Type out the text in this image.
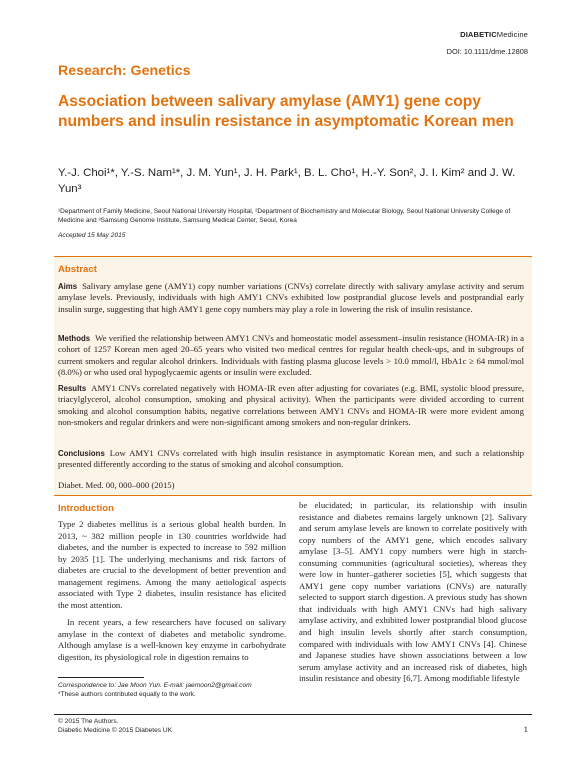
DIABETICMedicine
DOI: 10.1111/dme.12808
Research: Genetics
Association between salivary amylase (AMY1) gene copy numbers and insulin resistance in asymptomatic Korean men
Y.-J. Choi¹*, Y.-S. Nam¹*, J. M. Yun¹, J. H. Park¹, B. L. Cho¹, H.-Y. Son², J. I. Kim² and J. W. Yun³
¹Department of Family Medicine, Seoul National University Hospital, ²Department of Biochemistry and Molecular Biology, Seoul National University College of Medicine and ³Samsung Genome Institute, Samsung Medical Center, Seoul, Korea
Accepted 15 May 2015
Abstract
Aims Salivary amylase gene (AMY1) copy number variations (CNVs) correlate directly with salivary amylase activity and serum amylase levels. Previously, individuals with high AMY1 CNVs exhibited low postprandial glucose levels and postprandial early insulin surge, suggesting that high AMY1 gene copy numbers may play a role in lowering the risk of insulin resistance.
Methods We verified the relationship between AMY1 CNVs and homeostatic model assessment–insulin resistance (HOMA-IR) in a cohort of 1257 Korean men aged 20–65 years who visited two medical centres for regular health check-ups, and in subgroups of current smokers and regular alcohol drinkers. Individuals with fasting plasma glucose levels > 10.0 mmol/l, HbA1c ≥ 64 mmol/mol (8.0%) or who used oral hypoglycaemic agents or insulin were excluded.
Results AMY1 CNVs correlated negatively with HOMA-IR even after adjusting for covariates (e.g. BMI, systolic blood pressure, triacylglycerol, alcohol consumption, smoking and physical activity). When the participants were divided according to current smoking and alcohol consumption habits, negative correlations between AMY1 CNVs and HOMA-IR were more evident among non-smokers and regular drinkers and were non-significant among smokers and non-regular drinkers.
Conclusions Low AMY1 CNVs correlated with high insulin resistance in asymptomatic Korean men, and such a relationship presented differently according to the status of smoking and alcohol consumption.
Diabet. Med. 00, 000–000 (2015)
Introduction

Type 2 diabetes mellitus is a serious global health burden. In 2013, ~ 382 million people in 130 countries worldwide had diabetes, and the number is expected to increase to 592 million by 2035 [1]. The underlying mechanisms and risk factors of diabetes are crucial to the development of better prevention and management regimens. Among the many aetiological aspects associated with Type 2 diabetes, insulin resistance has elicited the most attention.

In recent years, a few researchers have focused on salivary amylase in the context of diabetes and metabolic syndrome. Although amylase is a well-known key enzyme in carbohydrate digestion, its physiological role in digestion remains to

be elucidated; in particular, its relationship with insulin resistance and diabetes remains largely unknown [2]. Salivary and serum amylase levels are known to correlate positively with copy numbers of the AMY1 gene, which encodes salivary amylase [3–5]. AMY1 copy numbers were high in starch-consuming communities (agricultural societies), whereas they were low in hunter–gatherer societies [5], which suggests that AMY1 gene copy number variations (CNVs) are naturally selected to support starch digestion. A previous study has shown that individuals with high AMY1 CNVs had high salivary amylase activity, and exhibited lower postprandial blood glucose and high insulin levels shortly after starch consumption, compared with individuals with low AMY1 CNVs [4]. Chinese and Japanese studies have shown associations between a low serum amylase activity and an increased risk of diabetes, high insulin resistance and obesity [6,7]. Among modifiable lifestyle

Correspondence to: Jae Moon Yun. E-mail: jaemoon2@gmail.com
*These authors contributed equally to the work.
© 2015 The Authors.
Diabetic Medicine © 2015 Diabetes UK	1
